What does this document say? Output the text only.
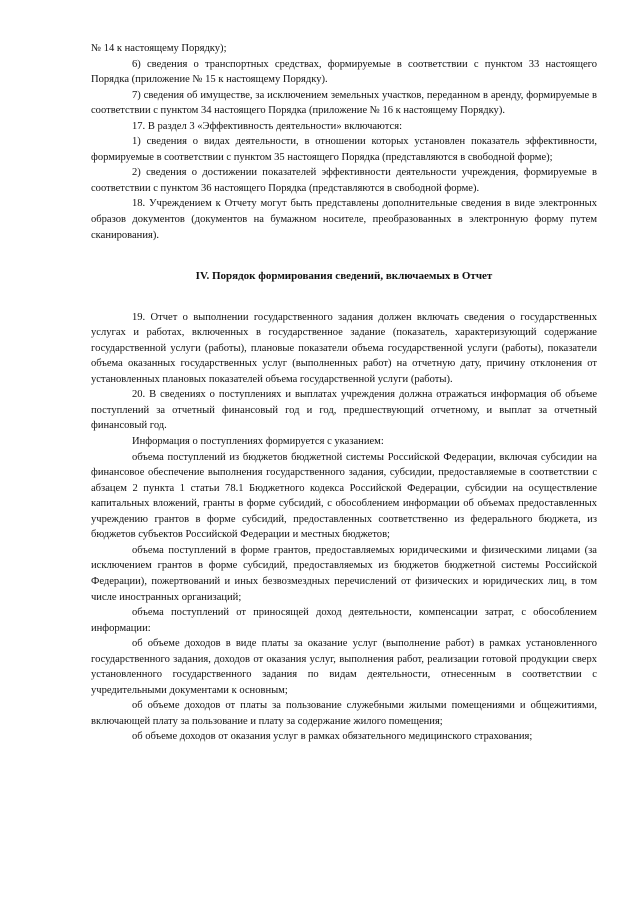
№ 14 к настоящему Порядку);

6) сведения о транспортных средствах, формируемые в соответствии с пунктом 33 настоящего Порядка (приложение № 15 к настоящему Порядку).

7) сведения об имуществе, за исключением земельных участков, переданном в аренду, формируемые в соответствии с пунктом 34 настоящего Порядка (приложение № 16 к настоящему Порядку).

17. В раздел 3 «Эффективность деятельности» включаются:

1) сведения о видах деятельности, в отношении которых установлен показатель эффективности, формируемые в соответствии с пунктом 35 настоящего Порядка (представляются в свободной форме);

2) сведения о достижении показателей эффективности деятельности учреждения, формируемые в соответствии с пунктом 36 настоящего Порядка (представляются в свободной форме).

18. Учреждением к Отчету могут быть представлены дополнительные сведения в виде электронных образов документов (документов на бумажном носителе, преобразованных в электронную форму путем сканирования).

IV. Порядок формирования сведений, включаемых в Отчет

19. Отчет о выполнении государственного задания должен включать сведения о государственных услугах и работах, включенных в государственное задание (показатель, характеризующий содержание государственной услуги (работы), плановые показатели объема государственной услуги (работы), показатели объема оказанных государственных услуг (выполненных работ) на отчетную дату, причину отклонения от установленных плановых показателей объема государственной услуги (работы).

20. В сведениях о поступлениях и выплатах учреждения должна отражаться информация об объеме поступлений за отчетный финансовый год и год, предшествующий отчетному, и выплат за отчетный финансовый год.

Информация о поступлениях формируется с указанием:

объема поступлений из бюджетов бюджетной системы Российской Федерации, включая субсидии на финансовое обеспечение выполнения государственного задания, субсидии, предоставляемые в соответствии с абзацем 2 пункта 1 статьи 78.1 Бюджетного кодекса Российской Федерации, субсидии на осуществление капитальных вложений, гранты в форме субсидий, с обособлением информации об объемах предоставленных учреждению грантов в форме субсидий, предоставленных соответственно из федерального бюджета, из бюджетов субъектов Российской Федерации и местных бюджетов;

объема поступлений в форме грантов, предоставляемых юридическими и физическими лицами (за исключением грантов в форме субсидий, предоставляемых из бюджетов бюджетной системы Российской Федерации), пожертвований и иных безвозмездных перечислений от физических и юридических лиц, в том числе иностранных организаций;

объема поступлений от приносящей доход деятельности, компенсации затрат, с обособлением информации:

об объеме доходов в виде платы за оказание услуг (выполнение работ) в рамках установленного государственного задания, доходов от оказания услуг, выполнения работ, реализации готовой продукции сверх установленного государственного задания по видам деятельности, отнесенным в соответствии с учредительными документами к основным;

об объеме доходов от платы за пользование служебными жилыми помещениями и общежитиями, включающей плату за пользование и плату за содержание жилого помещения;

об объеме доходов от оказания услуг в рамках обязательного медицинского страхования;
